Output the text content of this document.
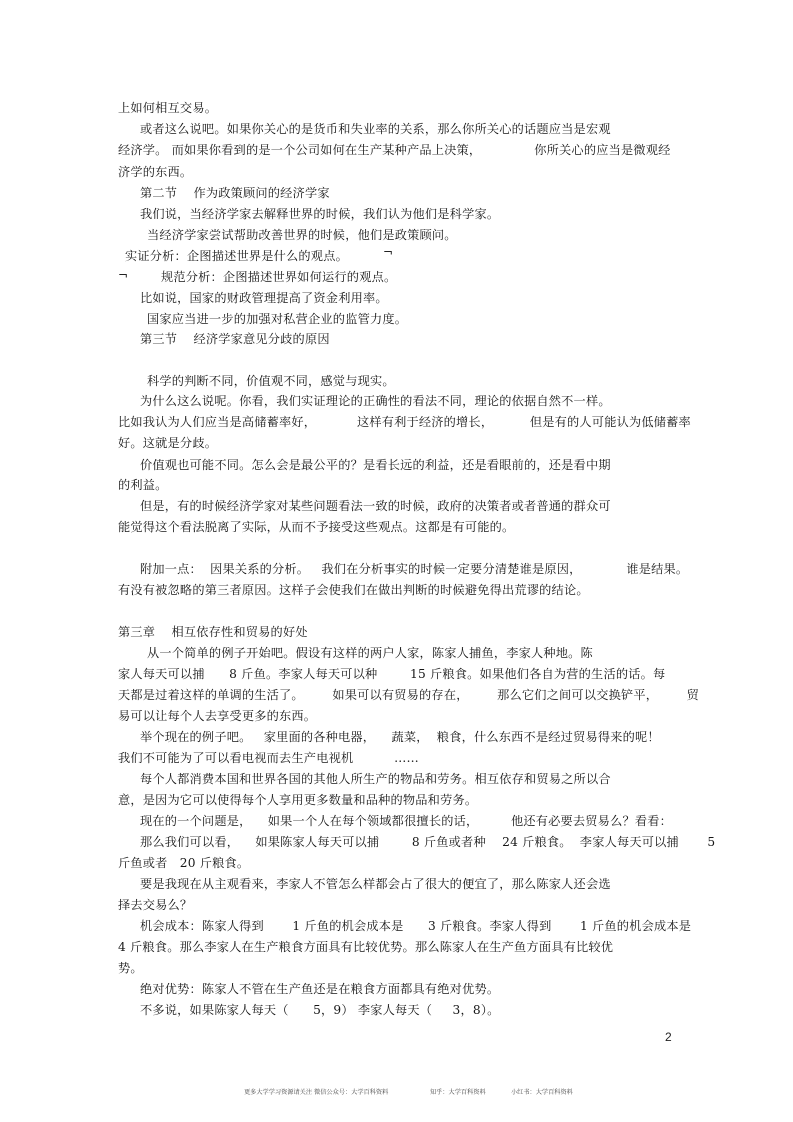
上如何相互交易。
或者这么说吧。如果你关心的是货币和失业率的关系，那么你所关心的话题应当是宏观
经济学。 而如果你看到的是一个公司如何在生产某种产品上决策，             你所关心的应当是微观经
济学的东西。
第二节    作为政策顾问的经济学家
我们说，当经济学家去解释世界的时候，我们认为他们是科学家。
当经济学家尝试帮助改善世界的时候，他们是政策顾问。
实证分析：企图描述世界是什么的观点。	¬
¬	规范分析：企图描述世界如何运行的观点。
比如说，国家的财政管理提高了资金利用率。
国家应当进一步的加强对私营企业的监管力度。
第三节    经济学家意见分歧的原因
科学的判断不同，价值观不同，感觉与现实。
为什么这么说呢。你看，我们实证理论的正确性的看法不同，理论的依据自然不一样。
比如我认为人们应当是高储蓄率好，          这样有利于经济的增长，         但是有的人可能认为低储蓄率
好。这就是分歧。
价值观也可能不同。怎么会是最公平的？是看长远的利益，还是看眼前的，还是看中期
的利益。
但是，有的时候经济学家对某些问题看法一致的时候，政府的决策者或者普通的群众可
能觉得这个看法脱离了实际，从而不予接受这些观点。这都是有可能的。
附加一点：  因果关系的分析。   我们在分析事实的时候一定要分清楚谁是原因，           谁是结果。
有没有被忽略的第三者原因。这样子会使我们在做出判断的时候避免得出荒谬的结论。
第三章    相互依存性和贸易的好处
从一个简单的例子开始吧。假设有这样的两户人家，陈家人捕鱼，李家人种地。陈
家人每天可以捕      8 斤鱼。李家人每天可以种        15 斤粮食。如果他们各自为营的生活的话。每
天都是过着这样的单调的生活了。       如果可以有贸易的存在，       那么它们之间可以交换铲平，       贸
易可以让每个人去享受更多的东西。
举个现在的例子吧。   家里面的各种电器，    蔬菜，  粮食，什么东西不是经过贸易得来的呢！
我们不可能为了可以看电视而去生产电视机          ……
每个人都消费本国和世界各国的其他人所生产的物品和劳务。相互依存和贸易之所以合
意，是因为它可以使得每个人享用更多数量和品种的物品和劳务。
现在的一个问题是，    如果一个人在每个领域都很擅长的话，        他还有必要去贸易么？看看：
那么我们可以看，    如果陈家人每天可以捕        8 斤鱼或者种    24 斤粮食。  李家人每天可以捕       5
斤鱼或者   20 斤粮食。
要是我现在从主观看来，李家人不管怎么样都会占了很大的便宜了，那么陈家人还会选
择去交易么？
机会成本：陈家人得到       1 斤鱼的机会成本是      3 斤粮食。李家人得到       1 斤鱼的机会成本是
4 斤粮食。那么李家人在生产粮食方面具有比较优势。那么陈家人在生产鱼方面具有比较优
势。
绝对优势：陈家人不管在生产鱼还是在粮食方面都具有绝对优势。
不多说，如果陈家人每天（      5，9） 李家人每天（     3，8）。
2
更多大学学习资源请关注 微信公众号：大学百科资料	知乎：大学百科资料	小红书：大学百科资料
